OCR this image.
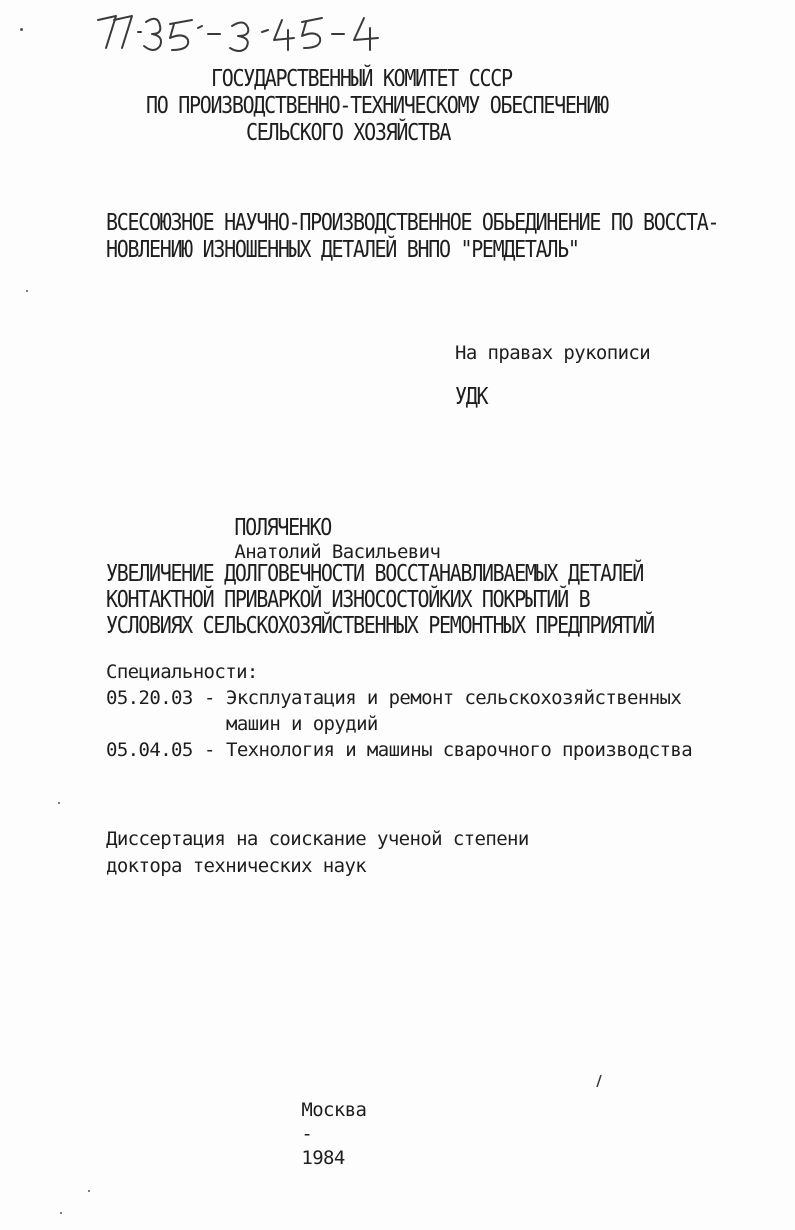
ГОСУДАРСТВЕННЫЙ КОМИТЕТ СССР
ПО ПРОИЗВОДСТВЕННО-ТЕХНИЧЕСКОМУ ОБЕСПЕЧЕНИЮ
СЕЛЬСКОГО ХОЗЯЙСТВА
ВСЕСОЮЗНОЕ НАУЧНО-ПРОИЗВОДСТВЕННОЕ ОБЬЕДИНЕНИЕ ПО ВОССТА-
НОВЛЕНИЮ ИЗНОШЕННЫХ ДЕТАЛЕЙ ВНПО "РЕМДЕТАЛЬ"
На правах рукописи
УДК

ПОЛЯЧЕНКО
Анатолий Васильевич

УВЕЛИЧЕНИЕ ДОЛГОВЕЧНОСТИ ВОССТАНАВЛИВАЕМЫХ ДЕТАЛЕЙ
КОНТАКТНОЙ ПРИВАРКОЙ ИЗНОСОСТОЙКИХ ПОКРЫТИЙ В
УСЛОВИЯХ СЕЛЬСКОХОЗЯЙСТВЕННЫХ РЕМОНТНЫХ ПРЕДПРИЯТИЙ
Специальности:
05.20.03 - Эксплуатация и ремонт сельскохозяйственных
машин и орудий
05.04.05 - Технология и машины сварочного производства
Диссертация на соискание ученой степени
доктора технических наук

Москва
-
1984
